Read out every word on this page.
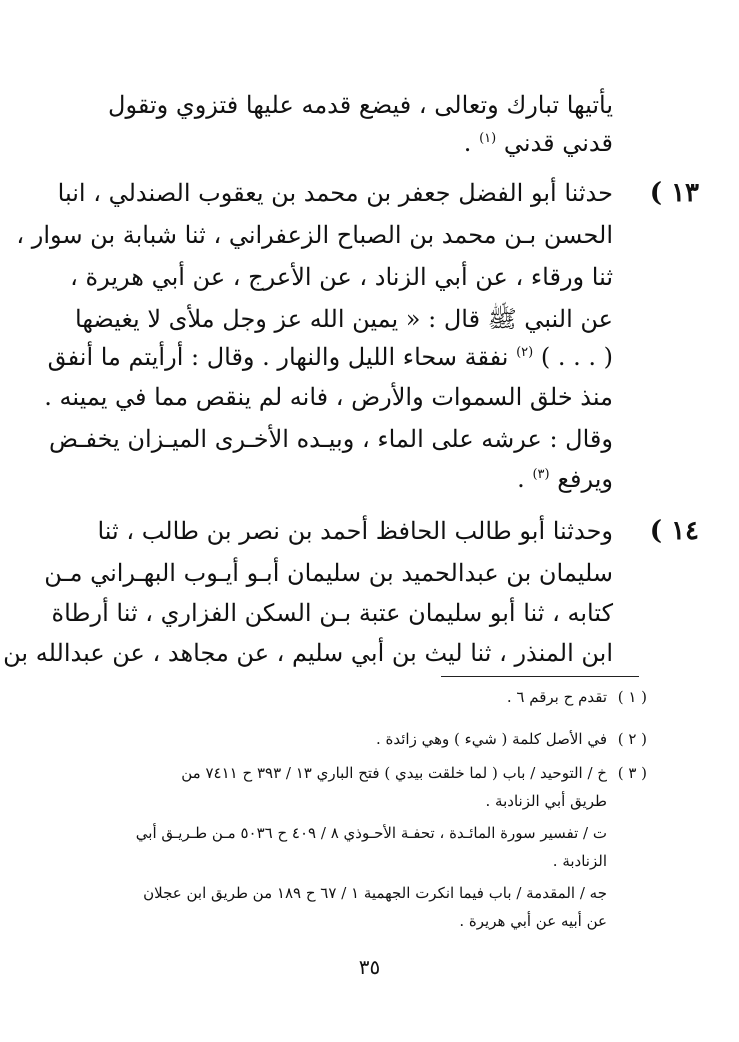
يأتيها تبارك وتعالى ، فيضع قدمه عليها فتزوي وتقول
قدني قدني $^{(١)}$ .
١٣ )
حدثنا أبو الفضل جعفر بن محمد بن يعقوب الصندلي ، انبا
الحسن بـن محمد بن الصباح الزعفراني ، ثنا شبابة بن سوار ،
ثنا ورقاء ، عن أبي الزناد ، عن الأعرج ، عن أبي هريرة ،
عن النبي ﷺ قال : « يمين الله عز وجل ملأى لا يغيضها
( . . . ) $^{(٢)}$ نفقة سحاء الليل والنهار . وقال : أرأيتم ما أنفق
منذ خلق السموات والأرض ، فانه لم ينقص مما في يمينه .
وقال : عرشه على الماء ، وبيـده الأخـرى الميـزان يخفـض
ويرفع $^{(٣)}$ .
١٤ )
وحدثنا أبو طالب الحافظ أحمد بن نصر بن طالب ، ثنا
سليمان بن عبدالحميد بن سليمان أبـو أيـوب البهـراني مـن
كتابه ، ثنا أبو سليمان عتبة بـن السكن الفزاري ، ثنا أرطاة
ابن المنذر ، ثنا ليث بن أبي سليم ، عن مجاهد ، عن عبدالله بن
( ١ )
تقدم ح برقم ٦ .
( ٢ )
في الأصل كلمة ( شيء ) وهي زائدة .
( ٣ )
خ / التوحيد / باب ( لما خلقت بيدي ) فتح الباري ١٣ / ٣٩٣ ح ٧٤١١ من
طريق أبي الزنادبة .
ت / تفسير سورة المائـدة ، تحفـة الأحـوذي ٨ / ٤٠٩ ح ٥٠٣٦ مـن طـريـق أبي
الزنادبة .
جه / المقدمة / باب فيما انكرت الجهمية ١ / ٦٧ ح ١٨٩ من طريق ابن عجلان
عن أبيه عن أبي هريرة .
٣٥
